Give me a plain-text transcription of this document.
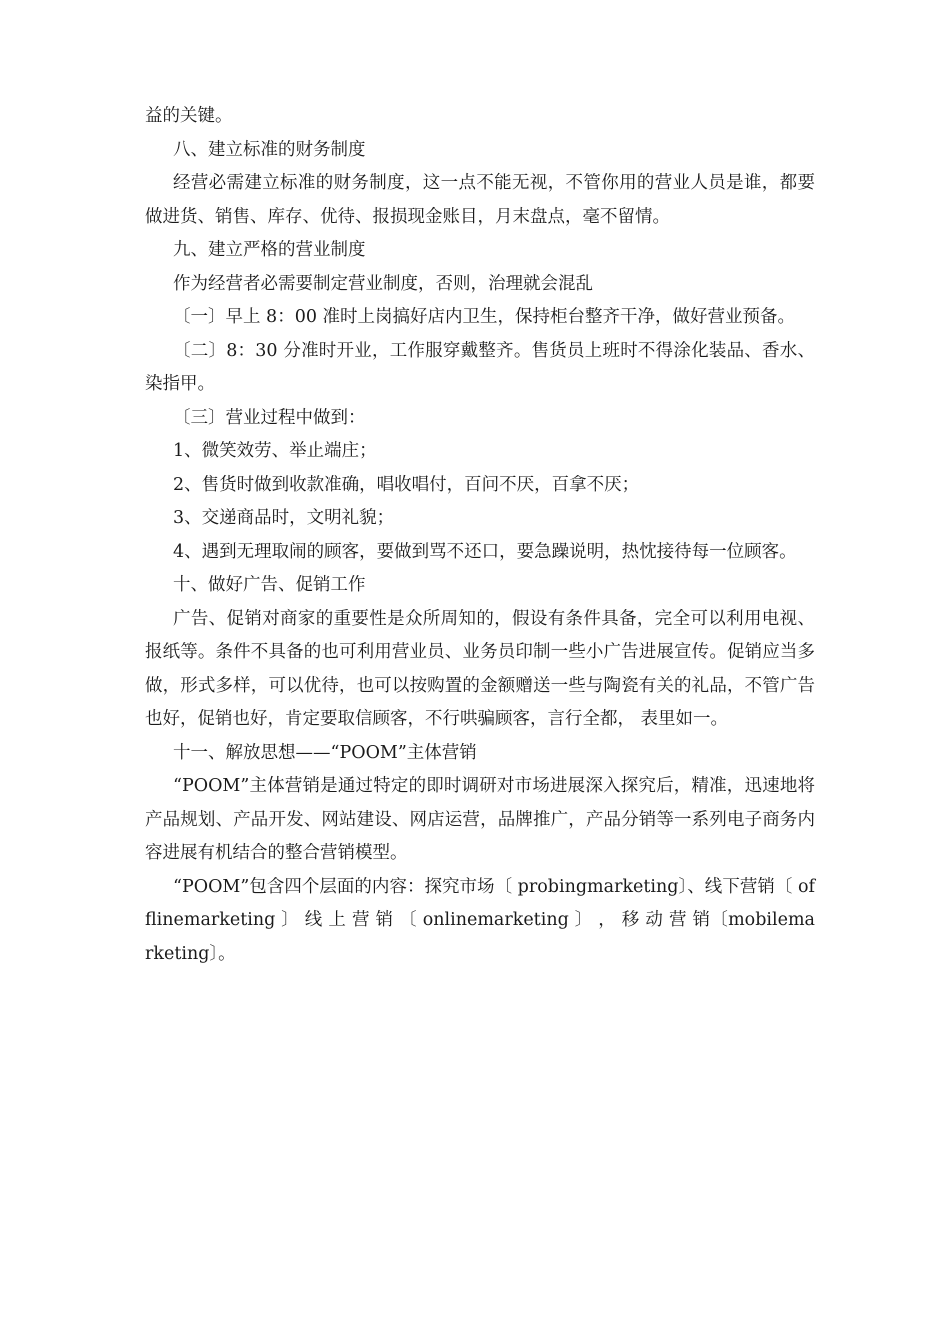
益的关键。

八、建立标准的财务制度

经营必需建立标准的财务制度，这一点不能无视，不管你用的营业人员是谁，都要做进货、销售、库存、优待、报损现金账目，月末盘点，毫不留情。

九、建立严格的营业制度

作为经营者必需要制定营业制度，否则，治理就会混乱

〔一〕早上 8：00 准时上岗搞好店内卫生，保持柜台整齐干净，做好营业预备。

〔二〕8：30 分准时开业，工作服穿戴整齐。售货员上班时不得涂化装品、香水、染指甲。

〔三〕营业过程中做到：

1、微笑效劳、举止端庄；

2、售货时做到收款准确，唱收唱付，百问不厌，百拿不厌；

3、交递商品时，文明礼貌；

4、遇到无理取闹的顾客，要做到骂不还口，要急躁说明，热忱接待每一位顾客。

十、做好广告、促销工作

广告、促销对商家的重要性是众所周知的，假设有条件具备，完全可以利用电视、报纸等。条件不具备的也可利用营业员、业务员印制一些小广告进展宣传。促销应当多做，形式多样，可以优待，也可以按购置的金额赠送一些与陶瓷有关的礼品，不管广告也好，促销也好，肯定要取信顾客，不行哄骗顾客，言行全都， 表里如一。

十一、解放思想——“POOM”主体营销

“POOM”主体营销是通过特定的即时调研对市场进展深入探究后，精准，迅速地将产品规划、产品开发、网站建设、网店运营，品牌推广，产品分销等一系列电子商务内容进展有机结合的整合营销模型。

“POOM”包含四个层面的内容：探究市场〔 probingmarketing〕、线下营销〔 offlinemarketing 〕 线 上 营 销 〔 onlinemarketing 〕 ， 移 动 营 销〔mobilemarketing〕。
